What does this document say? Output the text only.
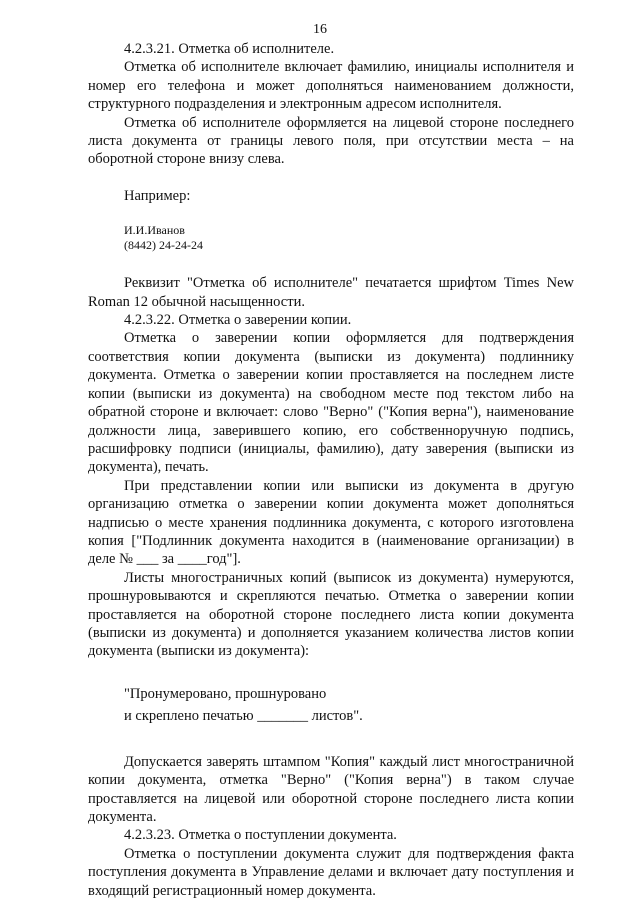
16

4.2.3.21. Отметка об исполнителе.

Отметка об исполнителе включает фамилию, инициалы исполнителя и номер его телефона и может дополняться наименованием должности, структурного подразделения и электронным адресом исполнителя.

Отметка об исполнителе оформляется на лицевой стороне последнего листа документа от границы левого поля, при отсутствии места – на оборотной стороне внизу слева.

Например:

И.И.Иванов
(8442) 24-24-24

Реквизит "Отметка об исполнителе" печатается шрифтом Times New Roman 12 обычной насыщенности.

4.2.3.22. Отметка о заверении копии.

Отметка о заверении копии оформляется для подтверждения соответствия копии документа (выписки из документа) подлиннику документа. Отметка о заверении копии проставляется на последнем листе копии (выписки из документа) на свободном месте под текстом либо на обратной стороне и включает: слово "Верно" ("Копия верна"), наименование должности лица, заверившего копию, его собственноручную подпись, расшифровку подписи (инициалы, фамилию), дату заверения (выписки из документа), печать.

При представлении копии или выписки из документа в другую организацию отметка о заверении копии документа может дополняться надписью о месте хранения подлинника документа, с которого изготовлена копия ["Подлинник документа находится в (наименование организации) в деле № ___ за ____год"].

Листы многостраничных копий (выписок из документа) нумеруются, прошнуровываются и скрепляются печатью. Отметка о заверении копии проставляется на оборотной стороне последнего листа копии документа (выписки из документа) и дополняется указанием количества листов копии документа (выписки из документа):

"Пронумеровано, прошнуровано
и скреплено печатью _______ листов".

Допускается заверять штампом "Копия" каждый лист многостраничной копии документа, отметка "Верно" ("Копия верна") в таком случае проставляется на лицевой или оборотной стороне последнего листа копии документа.

4.2.3.23. Отметка о поступлении документа.

Отметка о поступлении документа служит для подтверждения факта поступления документа в Управление делами и включает дату поступления и входящий регистрационный номер документа.
